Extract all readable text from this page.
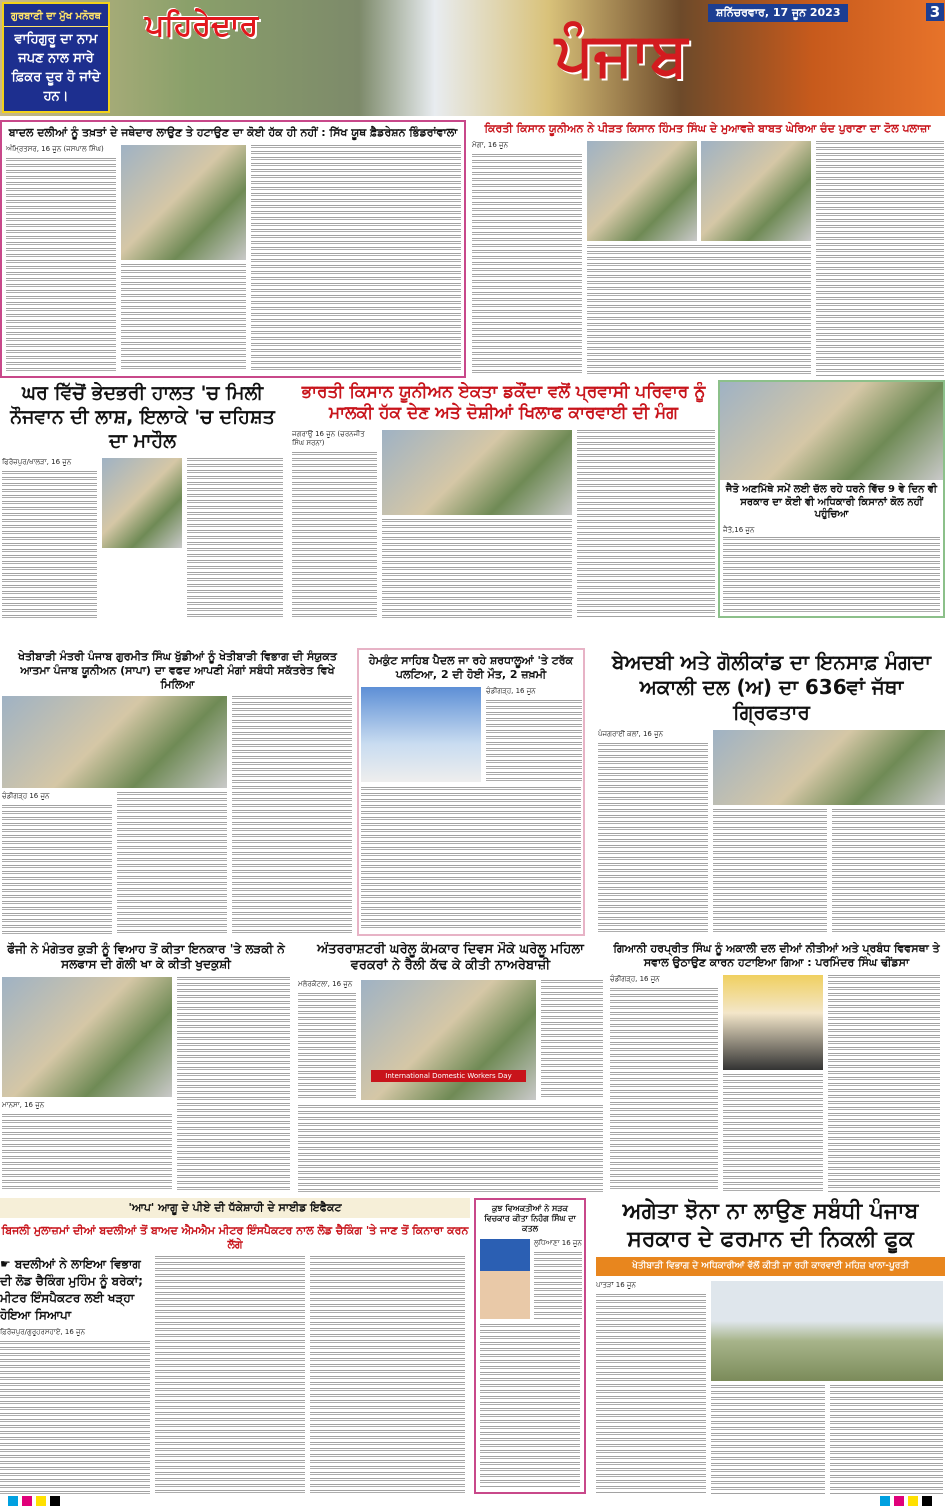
ਗੁਰਬਾਣੀ ਦਾ ਮੁੱਖ ਮਨੋਰਥ
ਵਾਹਿਗੁਰੂ ਦਾ ਨਾਮ ਜਪਣ ਨਾਲ ਸਾਰੇ ਫ਼ਿਕਰ ਦੂਰ ਹੋ ਜਾਂਦੇ ਹਨ।
ਪਹਿਰੇਦਾਰ	ਪੰਜਾਬ
ਸ਼ਨਿੱਚਰਵਾਰ, 17 ਜੂਨ 2023	3
ਬਾਦਲ ਦਲੀਆਂ ਨੂੰ ਤਖ਼ਤਾਂ ਦੇ ਜਥੇਦਾਰ ਲਾਉਣ ਤੇ ਹਟਾਉਣ ਦਾ ਕੋਈ ਹੱਕ ਹੀ ਨਹੀਂ : ਸਿੱਖ ਯੂਥ ਫ਼ੈਡਰੇਸ਼ਨ ਭਿੰਡਰਾਂਵਾਲਾ
ਅੰਮ੍ਰਿਤਸਰ, 16 ਜੂਨ (ਜਸਪਾਲ ਸਿੰਘ)
ਕਿਰਤੀ ਕਿਸਾਨ ਯੂਨੀਅਨ ਨੇ ਪੀੜਤ ਕਿਸਾਨ ਹਿੰਮਤ ਸਿੰਘ ਦੇ ਮੁਆਵਜ਼ੇ ਬਾਬਤ ਘੇਰਿਆ ਚੰਦ ਪੁਰਾਣਾ ਦਾ ਟੋਲ ਪਲਾਜ਼ਾ
ਮੋਗਾ, 16 ਜੂਨ
ਘਰ ਵਿੱਚੋਂ ਭੇਦਭਰੀ ਹਾਲਤ 'ਚ ਮਿਲੀ ਨੌਜਵਾਨ ਦੀ ਲਾਸ਼, ਇਲਾਕੇ 'ਚ ਦਹਿਸ਼ਤ ਦਾ ਮਾਹੌਲ
ਫਿਰੋਜ਼ਪੁਰ/ਖਾਲੜਾ, 16 ਜੂਨ
ਭਾਰਤੀ ਕਿਸਾਨ ਯੂਨੀਅਨ ਏਕਤਾ ਡਕੌਂਦਾ ਵਲੋਂ ਪ੍ਰਵਾਸੀ ਪਰਿਵਾਰ ਨੂੰ ਮਾਲਕੀ ਹੱਕ ਦੇਣ ਅਤੇ ਦੋਸ਼ੀਆਂ ਖਿਲਾਫ ਕਾਰਵਾਈ ਦੀ ਮੰਗ
ਜਗਰਾਉਂ 16 ਜੂਨ (ਚਰਨਜੀਤ ਸਿੰਘ ਸਰਨਾ)
ਜੈਤੋ ਅਣਮਿੱਥੇ ਸਮੇਂ ਲਈ ਚੱਲ ਰਹੇ ਧਰਨੇ ਵਿੱਚ 9 ਵੇ ਦਿਨ ਵੀ ਸਰਕਾਰ ਦਾ ਕੋਈ ਵੀ ਅਧਿਕਾਰੀ ਕਿਸਾਨਾਂ ਕੋਲ ਨਹੀਂ ਪਹੁੰਚਿਆ
ਜੈਤੋ,16 ਜੂਨ
ਖੇਤੀਬਾੜੀ ਮੰਤਰੀ ਪੰਜਾਬ ਗੁਰਮੀਤ ਸਿੰਘ ਖੁੱਡੀਆਂ ਨੂੰ ਖੇਤੀਬਾੜੀ ਵਿਭਾਗ ਦੀ ਸੰਯੁਕਤ ਆਤਮਾ ਪੰਜਾਬ ਯੂਨੀਅਨ (ਸਾਪਾ) ਦਾ ਵਫਦ ਆਪਣੀ ਮੰਗਾਂ ਸਬੰਧੀ ਸਕੱਤਰੇਤ ਵਿਖੇ ਮਿਲਿਆ
ਚੰਡੀਗੜ੍ਹ 16 ਜੂਨ
ਹੇਮਕੁੰਟ ਸਾਹਿਬ ਪੈਦਲ ਜਾ ਰਹੇ ਸ਼ਰਧਾਲੂਆਂ 'ਤੇ ਟਰੱਕ ਪਲਟਿਆ, 2 ਦੀ ਹੋਈ ਮੌਤ, 2 ਜ਼ਖ਼ਮੀ
ਚੰਡੀਗੜ੍ਹ, 16 ਜੂਨ
ਬੇਅਦਬੀ ਅਤੇ ਗੋਲੀਕਾਂਡ ਦਾ ਇਨਸਾਫ਼ ਮੰਗਦਾ ਅਕਾਲੀ ਦਲ (ਅ) ਦਾ 636ਵਾਂ ਜੱਥਾ ਗ੍ਰਿਫਤਾਰ
ਪੰਜਗਰਾਈਂ ਕਲਾਂ, 16 ਜੂਨ
ਫੌਜੀ ਨੇ ਮੰਗੇਤਰ ਕੁੜੀ ਨੂੰ ਵਿਆਹ ਤੋਂ ਕੀਤਾ ਇਨਕਾਰ 'ਤੇ ਲੜਕੀ ਨੇ ਸਲਫਾਸ ਦੀ ਗੋਲੀ ਖਾ ਕੇ ਕੀਤੀ ਖੁਦਕੁਸ਼ੀ
ਮਾਨਸਾ, 16 ਜੂਨ
ਅੰਤਰਰਾਸ਼ਟਰੀ ਘਰੇਲੂ ਕੰਮਕਾਰ ਦਿਵਸ ਮੌਕੇ ਘਰੇਲੂ ਮਹਿਲਾ ਵਰਕਰਾਂ ਨੇ ਰੈਲੀ ਕੱਢ ਕੇ ਕੀਤੀ ਨਾਅਰੇਬਾਜ਼ੀ
ਮਲੇਰਕੋਟਲਾ, 16 ਜੂਨ
International Domestic Workers Day
ਗਿਆਨੀ ਹਰਪ੍ਰੀਤ ਸਿੰਘ ਨੂੰ ਅਕਾਲੀ ਦਲ ਦੀਆਂ ਨੀਤੀਆਂ ਅਤੇ ਪ੍ਰਬੰਧ ਵਿਵਸਥਾ ਤੇ ਸਵਾਲ ਉਠਾਉਣ ਕਾਰਨ ਹਟਾਇਆ ਗਿਆ : ਪਰਮਿੰਦਰ ਸਿੰਘ ਢੀਂਡਸਾ
ਚੰਡੀਗੜ੍ਹ, 16 ਜੂਨ
'ਆਪ' ਆਗੂ ਦੇ ਪੀਏ ਦੀ ਧੱਕੇਸ਼ਾਹੀ ਦੇ ਸਾਈਡ ਇਫੈਕਟ
ਬਿਜਲੀ ਮੁਲਾਜ਼ਮਾਂ ਦੀਆਂ ਬਦਲੀਆਂ ਤੋਂ ਬਾਅਦ ਐਮਐਮ ਮੀਟਰ ਇੰਸਪੈਕਟਰ ਨਾਲ ਲੋਡ ਚੈਕਿੰਗ 'ਤੇ ਜਾਣ ਤੋਂ ਕਿਨਾਰਾ ਕਰਨ ਲੱਗੇ
☛ ਬਦਲੀਆਂ ਨੇ ਲਾਇਆ ਵਿਭਾਗ ਦੀ ਲੋਡ ਚੈਕਿੰਗ ਮੁਹਿੰਮ ਨੂੰ ਬਰੇਕਾਂ; ਮੀਟਰ ਇੰਸਪੈਕਟਰ ਲਈ ਖੜ੍ਹਾ ਹੋਇਆ ਸਿਆਪਾ
ਫ਼ਿਰੋਜ਼ਪੁਰ/ਗੁਰੂਹਰਸਹਾਏ, 16 ਜੂਨ
ਕੁਝ ਵਿਅਕਤੀਆਂ ਨੇ ਸੜਕ ਵਿਚਕਾਰ ਕੀਤਾ ਨਿਹੰਗ ਸਿੰਘ ਦਾ ਕਤਲ
ਲੁਧਿਆਣਾ 16 ਜੂਨ
ਅਗੇਤਾ ਝੋਨਾ ਨਾ ਲਾਉਣ ਸਬੰਧੀ ਪੰਜਾਬ ਸਰਕਾਰ ਦੇ ਫਰਮਾਨ ਦੀ ਨਿਕਲੀ ਫੂਕ
ਖੇਤੀਬਾੜੀ ਵਿਭਾਗ ਦੇ ਅਧਿਕਾਰੀਆਂ ਵੱਲੋਂ ਕੀਤੀ ਜਾ ਰਹੀ ਕਾਰਵਾਈ ਮਹਿਜ਼ ਖਾਨਾ-ਪੂਰਤੀ
ਪਾਤੜਾਂ 16 ਜੂਨ
